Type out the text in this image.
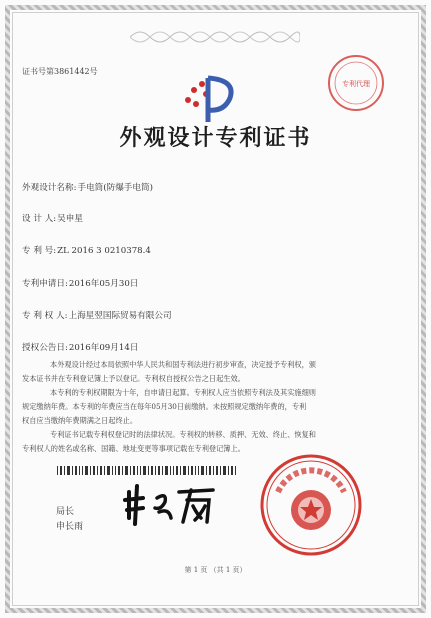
证书号第3861442号
专利代理
外观设计专利证书
外观设计名称:手电筒(防爆手电筒)
设 计 人:吴申星
专 利 号:ZL 2016 3 0210378.4
专利申请日:2016年05月30日
专 利 权 人:上海星翌国际贸易有限公司
授权公告日:2016年09月14日
本外观设计经过本局依照中华人民共和国专利法进行初步审查，决定授予专利权，颁
发本证书并在专利登记簿上予以登记。专利权自授权公告之日起生效。
本专利的专利权期限为十年，自申请日起算。专利权人应当依照专利法及其实施细则
规定缴纳年费。本专利的年费应当在每年05月30日前缴纳。未按照规定缴纳年费的，专利
权自应当缴纳年费期满之日起终止。
专利证书记载专利权登记时的法律状况。专利权的转移、质押、无效、终止、恢复和
专利权人的姓名或名称、国籍、地址变更等事项记载在专利登记簿上。
局长
申长雨
第 1 页 （共 1 页）
